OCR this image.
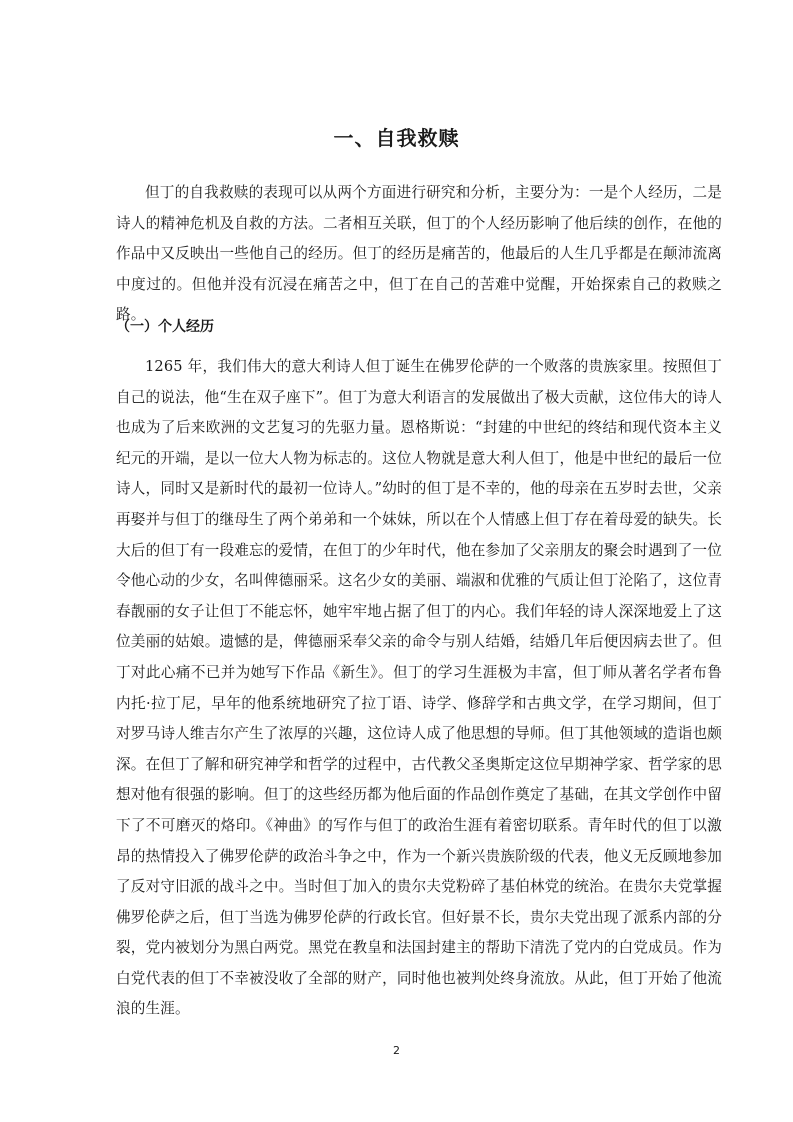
一、自我救赎

但丁的自我救赎的表现可以从两个方面进行研究和分析，主要分为：一是个人经历，二是诗人的精神危机及自救的方法。二者相互关联，但丁的个人经历影响了他后续的创作，在他的作品中又反映出一些他自己的经历。但丁的经历是痛苦的，他最后的人生几乎都是在颠沛流离中度过的。但他并没有沉浸在痛苦之中，但丁在自己的苦难中觉醒，开始探索自己的救赎之路。

（一）个人经历

1265 年，我们伟大的意大利诗人但丁诞生在佛罗伦萨的一个败落的贵族家里。按照但丁自己的说法，他“生在双子座下”。但丁为意大利语言的发展做出了极大贡献，这位伟大的诗人也成为了后来欧洲的文艺复习的先驱力量。恩格斯说：“封建的中世纪的终结和现代资本主义纪元的开端，是以一位大人物为标志的。这位人物就是意大利人但丁，他是中世纪的最后一位诗人，同时又是新时代的最初一位诗人。”幼时的但丁是不幸的，他的母亲在五岁时去世，父亲再娶并与但丁的继母生了两个弟弟和一个妹妹，所以在个人情感上但丁存在着母爱的缺失。长大后的但丁有一段难忘的爱情，在但丁的少年时代，他在参加了父亲朋友的聚会时遇到了一位令他心动的少女，名叫俾德丽采。这名少女的美丽、端淑和优雅的气质让但丁沦陷了，这位青春靓丽的女子让但丁不能忘怀，她牢牢地占据了但丁的内心。我们年轻的诗人深深地爱上了这位美丽的姑娘。遗憾的是，俾德丽采奉父亲的命令与别人结婚，结婚几年后便因病去世了。但丁对此心痛不已并为她写下作品《新生》。但丁的学习生涯极为丰富，但丁师从著名学者布鲁内托·拉丁尼，早年的他系统地研究了拉丁语、诗学、修辞学和古典文学，在学习期间，但丁对罗马诗人维吉尔产生了浓厚的兴趣，这位诗人成了他思想的导师。但丁其他领域的造诣也颇深。在但丁了解和研究神学和哲学的过程中，古代教父圣奥斯定这位早期神学家、哲学家的思想对他有很强的影响。但丁的这些经历都为他后面的作品创作奠定了基础，在其文学创作中留下了不可磨灭的烙印。《神曲》的写作与但丁的政治生涯有着密切联系。青年时代的但丁以激昂的热情投入了佛罗伦萨的政治斗争之中，作为一个新兴贵族阶级的代表，他义无反顾地参加了反对守旧派的战斗之中。当时但丁加入的贵尔夫党粉碎了基伯林党的统治。在贵尔夫党掌握佛罗伦萨之后，但丁当选为佛罗伦萨的行政长官。但好景不长，贵尔夫党出现了派系内部的分裂，党内被划分为黑白两党。黑党在教皇和法国封建主的帮助下清洗了党内的白党成员。作为白党代表的但丁不幸被没收了全部的财产，同时他也被判处终身流放。从此，但丁开始了他流浪的生涯。

2
